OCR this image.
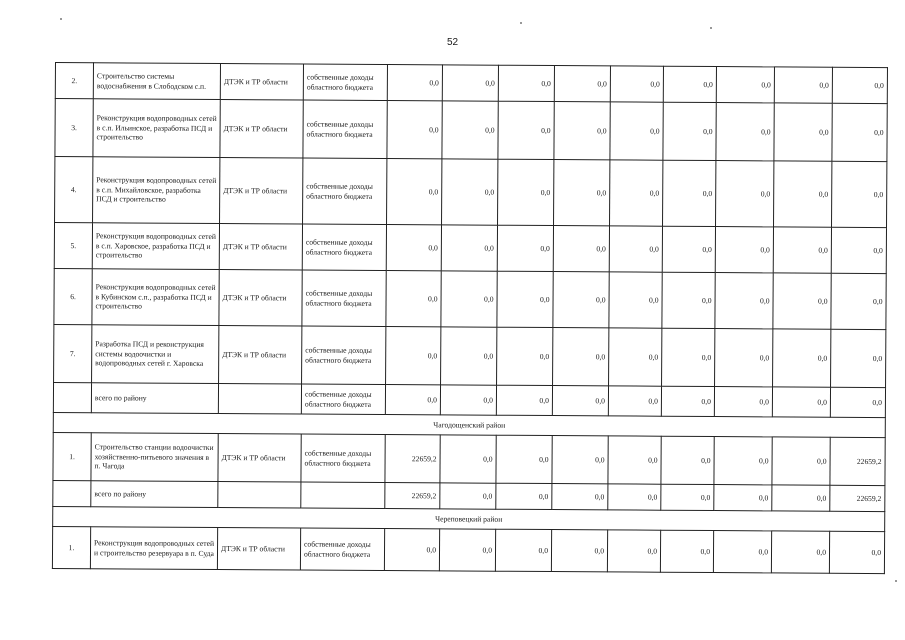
52
2.	Строительство системы водоснабжения в Слободском с.п.	ДТЭК и ТР области	собственные доходы областного бюджета	0,0	0,0	0,0	0,0	0,0	0,0	0,0	0,0	0,0
3.	Реконструкция водопроводных сетей в с.п. Ильинское, разработка ПСД и строительство	ДТЭК и ТР области	собственные доходы областного бюджета	0,0	0,0	0,0	0,0	0,0	0,0	0,0	0,0	0,0
4.	Реконструкция водопроводных сетей в с.п. Михайловское, разработка ПСД и строительство	ДТЭК и ТР области	собственные доходы областного бюджета	0,0	0,0	0,0	0,0	0,0	0,0	0,0	0,0	0,0
5.	Реконструкция водопроводных сетей в с.п. Харовское, разработка ПСД и строительство	ДТЭК и ТР области	собственные доходы областного бюджета	0,0	0,0	0,0	0,0	0,0	0,0	0,0	0,0	0,0
6.	Реконструкция водопроводных сетей в Кубинском с.п., разработка ПСД и строительство	ДТЭК и ТР области	собственные доходы областного бюджета	0,0	0,0	0,0	0,0	0,0	0,0	0,0	0,0	0,0
7.	Разработка ПСД и реконструкция системы водоочистки и водопроводных сетей г. Харовска	ДТЭК и ТР области	собственные доходы областного бюджета	0,0	0,0	0,0	0,0	0,0	0,0	0,0	0,0	0,0
	всего по району		собственные доходы областного бюджета	0,0	0,0	0,0	0,0	0,0	0,0	0,0	0,0	0,0
Чагодощенский район												
1.	Строительство станции водоочистки хозяйственно-питьевого значения в п. Чагода	ДТЭК и ТР области	собственные доходы областного бюджета	22659,2	0,0	0,0	0,0	0,0	0,0	0,0	0,0	22659,2
	всего по району			22659,2	0,0	0,0	0,0	0,0	0,0	0,0	0,0	22659,2
Череповецкий район												
1.	Реконструкция водопроводных сетей и строительство резервуара в п. Суда	ДТЭК и ТР области	собственные доходы областного бюджета	0,0	0,0	0,0	0,0	0,0	0,0	0,0	0,0	0,0
